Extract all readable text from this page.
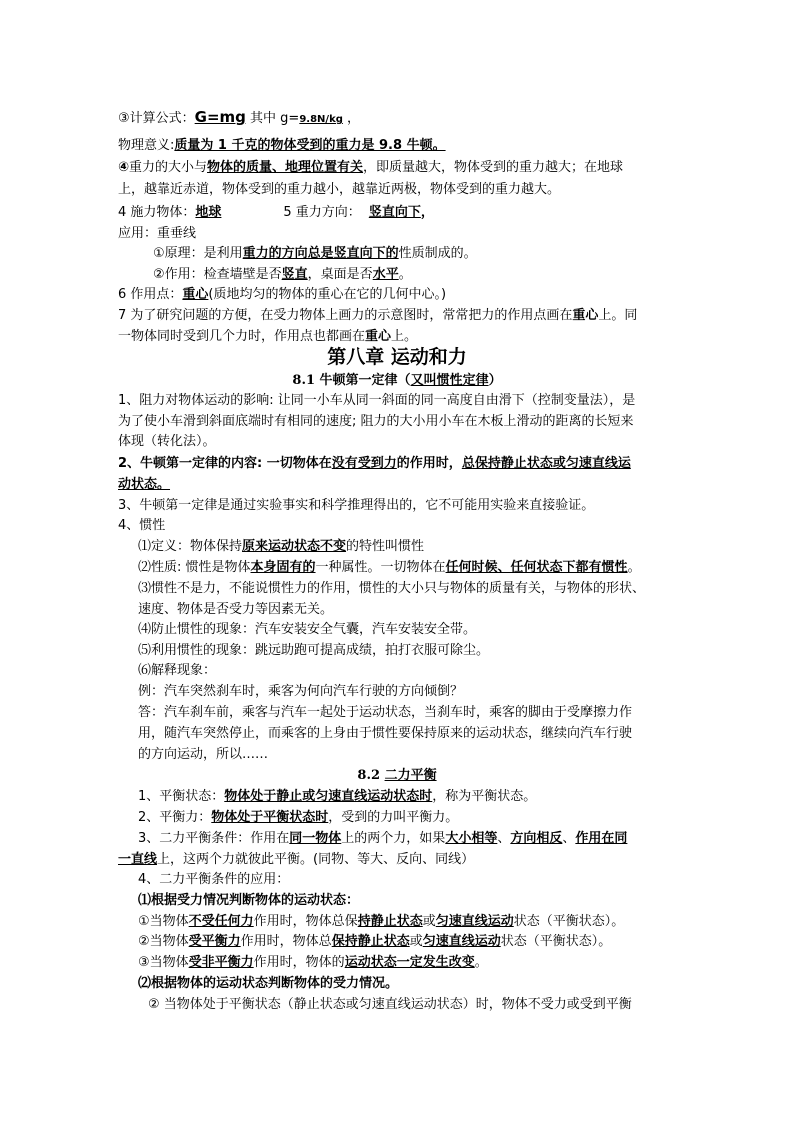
③计算公式：G=mg 其中 g=9.8N/kg ，
物理意义:质量为 1 千克的物体受到的重力是 9.8 牛顿。
④重力的大小与物体的质量、地理位置有关，即质量越大，物体受到的重力越大；在地球
上，越靠近赤道，物体受到的重力越小，越靠近两极，物体受到的重力越大。
4 施力物体：地球	5 重力方向： 竖直向下，
应用：重垂线
①原理：是利用重力的方向总是竖直向下的性质制成的。
②作用：检查墙壁是否竖直，桌面是否水平。
6 作用点：重心(质地均匀的物体的重心在它的几何中心。)
7 为了研究问题的方便，在受力物体上画力的示意图时，常常把力的作用点画在重心上。同
一物体同时受到几个力时，作用点也都画在重心上。
第八章 运动和力
8.1 牛顿第一定律（又叫惯性定律）
1、阻力对物体运动的影响: 让同一小车从同一斜面的同一高度自由滑下（控制变量法），是
为了使小车滑到斜面底端时有相同的速度; 阻力的大小用小车在木板上滑动的距离的长短来
体现（转化法）。
2、牛顿第一定律的内容: 一切物体在没有受到力的作用时，总保持静止状态或匀速直线运
动状态。
3、牛顿第一定律是通过实验事实和科学推理得出的，它不可能用实验来直接验证。
4、惯性
⑴定义：物体保持原来运动状态不变的特性叫惯性
⑵性质: 惯性是物体本身固有的一种属性。一切物体在任何时候、任何状态下都有惯性。
⑶惯性不是力，不能说惯性力的作用，惯性的大小只与物体的质量有关，与物体的形状、
速度、物体是否受力等因素无关。
⑷防止惯性的现象：汽车安装安全气囊，汽车安装安全带。
⑸利用惯性的现象：跳远助跑可提高成绩，拍打衣服可除尘。
⑹解释现象：
例：汽车突然刹车时，乘客为何向汽车行驶的方向倾倒？
答：汽车刹车前，乘客与汽车一起处于运动状态，当刹车时，乘客的脚由于受摩擦力作
用，随汽车突然停止，而乘客的上身由于惯性要保持原来的运动状态，继续向汽车行驶
的方向运动，所以……
8.2 二力平衡
1、平衡状态：物体处于静止或匀速直线运动状态时，称为平衡状态。
2、平衡力：物体处于平衡状态时，受到的力叫平衡力。
3、二力平衡条件：作用在同一物体上的两个力，如果大小相等、方向相反、作用在同
一直线上，这两个力就彼此平衡。(同物、等大、反向、同线）
4、二力平衡条件的应用：
⑴根据受力情况判断物体的运动状态：
①当物体不受任何力作用时，物体总保持静止状态或匀速直线运动状态（平衡状态）。
②当物体受平衡力作用时，物体总保持静止状态或匀速直线运动状态（平衡状态）。
③当物体受非平衡力作用时，物体的运动状态一定发生改变。
⑵根据物体的运动状态判断物体的受力情况。
② 当物体处于平衡状态（静止状态或匀速直线运动状态）时，物体不受力或受到平衡
